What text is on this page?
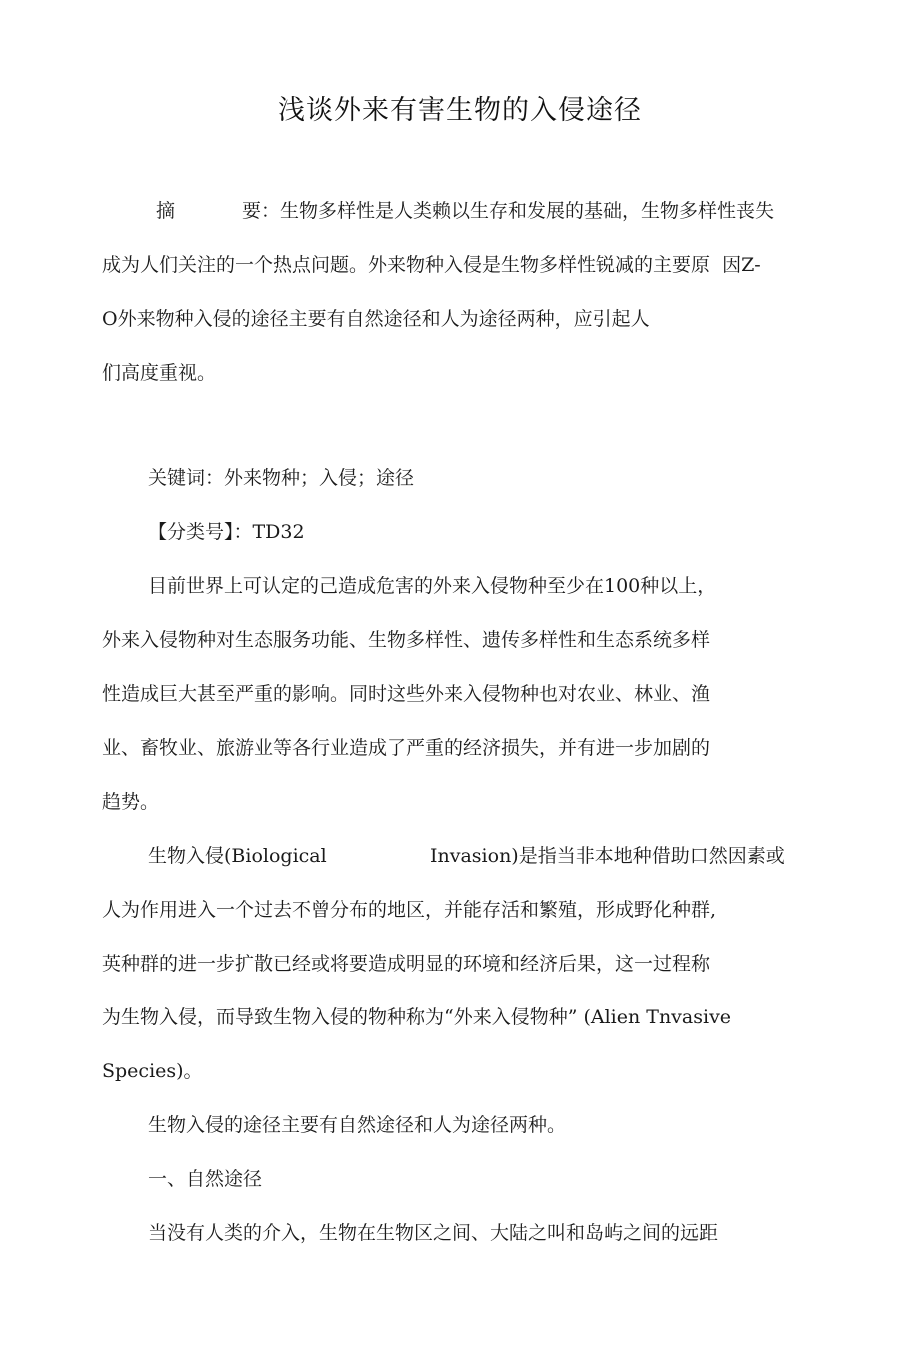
浅谈外来有害生物的入侵途径
摘	要：生物多样性是人类赖以生存和发展的基础，生物多样性丧失
成为人们关注的一个热点问题。外来物种入侵是生物多样性锐减的主要原  因Z-
O外来物种入侵的途径主要有自然途径和人为途径两种，应引起人
们高度重视。
关键词：外来物种；入侵；途径
【分类号】：TD32
目前世界上可认定的己造成危害的外来入侵物种至少在100种以上，
外来入侵物种对生态服务功能、生物多样性、遗传多样性和生态系统多样
性造成巨大甚至严重的影响。同时这些外来入侵物种也对农业、林业、渔
业、畜牧业、旅游业等各行业造成了严重的经济损失，并有进一步加剧的
趋势。
生物入侵(Biological	Invasion)是指当非本地种借助口然因素或
人为作用进入一个过去不曾分布的地区，并能存活和繁殖，形成野化种群,
英种群的进一步扩散已经或将要造成明显的环境和经济后果，这一过程称
为生物入侵，而导致生物入侵的物种称为“外来入侵物种” (Alien Tnvasive
Species)。
生物入侵的途径主要有自然途径和人为途径两种。
一、自然途径
当没有人类的介入，生物在生物区之间、大陆之叫和岛屿之间的远距
